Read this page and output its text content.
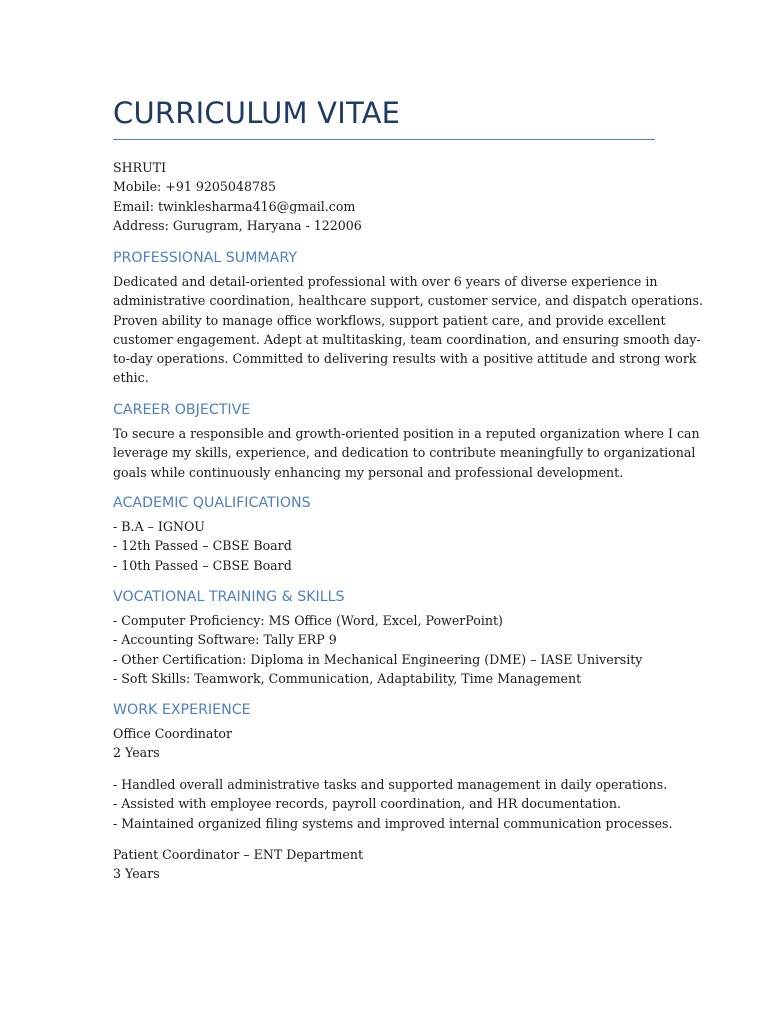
CURRICULUM VITAE
SHRUTI
Mobile: +91 9205048785
Email: twinklesharma416@gmail.com
Address: Gurugram, Haryana - 122006
PROFESSIONAL SUMMARY

Dedicated and detail-oriented professional with over 6 years of diverse experience in
administrative coordination, healthcare support, customer service, and dispatch operations.
Proven ability to manage office workflows, support patient care, and provide excellent
customer engagement. Adept at multitasking, team coordination, and ensuring smooth day-
to-day operations. Committed to delivering results with a positive attitude and strong work
ethic.

CAREER OBJECTIVE

To secure a responsible and growth-oriented position in a reputed organization where I can
leverage my skills, experience, and dedication to contribute meaningfully to organizational
goals while continuously enhancing my personal and professional development.

ACADEMIC QUALIFICATIONS
- B.A – IGNOU
- 12th Passed – CBSE Board
- 10th Passed – CBSE Board
VOCATIONAL TRAINING & SKILLS
- Computer Proficiency: MS Office (Word, Excel, PowerPoint)
- Accounting Software: Tally ERP 9
- Other Certification: Diploma in Mechanical Engineering (DME) – IASE University
- Soft Skills: Teamwork, Communication, Adaptability, Time Management
WORK EXPERIENCE
Office Coordinator
2 Years
- Handled overall administrative tasks and supported management in daily operations.
- Assisted with employee records, payroll coordination, and HR documentation.
- Maintained organized filing systems and improved internal communication processes.
Patient Coordinator – ENT Department
3 Years
